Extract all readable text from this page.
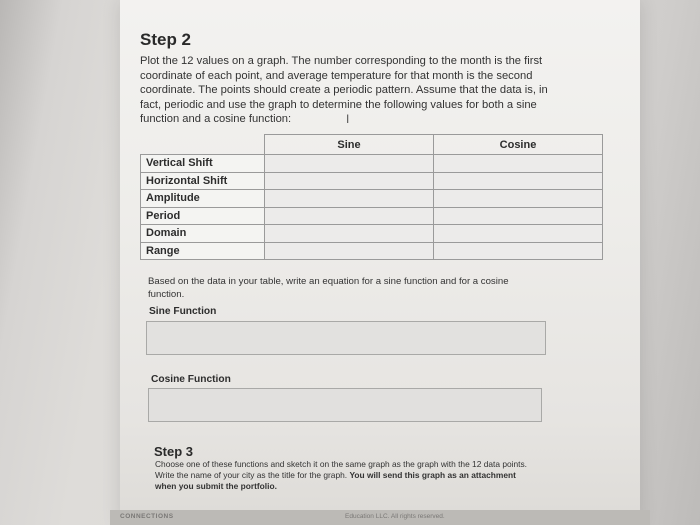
Step 2
Plot the 12 values on a graph. The number corresponding to the month is the first coordinate of each point, and average temperature for that month is the second coordinate. The points should create a periodic pattern. Assume that the data is, in fact, periodic and use the graph to determine the following values for both a sine function and a cosine function:	I
	Sine	Cosine
Vertical Shift		
Horizontal Shift		
Amplitude		
Period		
Domain		
Range		
Based on the data in your table, write an equation for a sine function and for a cosine function.
Sine Function
Cosine Function
Step 3
Choose one of these functions and sketch it on the same graph as the graph with the 12 data points. Write the name of your city as the title for the graph. You will send this graph as an attachment when you submit the portfolio.
CONNECTIONS	Education LLC. All rights reserved.
